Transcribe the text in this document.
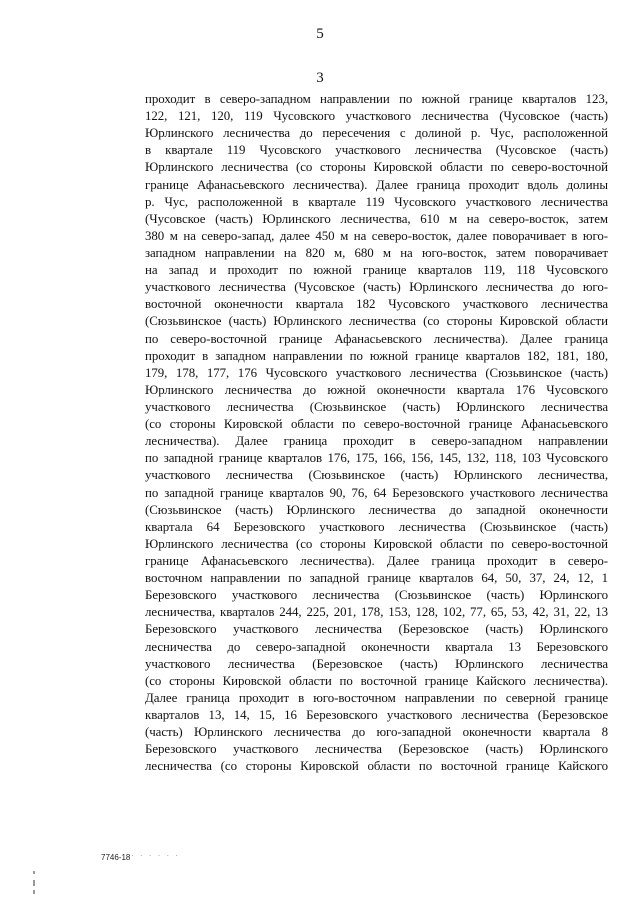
5
3
проходит в северо-западном направлении по южной границе кварталов 123,
122, 121, 120, 119 Чусовского участкового лесничества (Чусовское (часть)
Юрлинского лесничества до пересечения с долиной р. Чус, расположенной
в квартале 119 Чусовского участкового лесничества (Чусовское (часть)
Юрлинского лесничества (со стороны Кировской области по северо-восточной
границе Афанасьевского лесничества). Далее граница проходит вдоль долины
р. Чус, расположенной в квартале 119 Чусовского участкового лесничества
(Чусовское (часть) Юрлинского лесничества, 610 м на северо-восток, затем
380 м на северо-запад, далее 450 м на северо-восток, далее поворачивает в юго-
западном направлении на 820 м, 680 м на юго-восток, затем поворачивает
на запад и проходит по южной границе кварталов 119, 118 Чусовского
участкового лесничества (Чусовское (часть) Юрлинского лесничества до юго-
восточной оконечности квартала 182 Чусовского участкового лесничества
(Сюзьвинское (часть) Юрлинского лесничества (со стороны Кировской области
по северо-восточной границе Афанасьевского лесничества). Далее граница
проходит в западном направлении по южной границе кварталов 182, 181, 180,
179, 178, 177, 176 Чусовского участкового лесничества (Сюзьвинское (часть)
Юрлинского лесничества до южной оконечности квартала 176 Чусовского
участкового лесничества (Сюзьвинское (часть) Юрлинского лесничества
(со стороны Кировской области по северо-восточной границе Афанасьевского
лесничества). Далее граница проходит в северо-западном направлении
по западной границе кварталов 176, 175, 166, 156, 145, 132, 118, 103 Чусовского
участкового лесничества (Сюзьвинское (часть) Юрлинского лесничества,
по западной границе кварталов 90, 76, 64 Березовского участкового лесничества
(Сюзьвинское (часть) Юрлинского лесничества до западной оконечности
квартала 64 Березовского участкового лесничества (Сюзьвинское (часть)
Юрлинского лесничества (со стороны Кировской области по северо-восточной
границе Афанасьевского лесничества). Далее граница проходит в северо-
восточном направлении по западной границе кварталов 64, 50, 37, 24, 12, 1
Березовского участкового лесничества (Сюзьвинское (часть) Юрлинского
лесничества, кварталов 244, 225, 201, 178, 153, 128, 102, 77, 65, 53, 42, 31, 22, 13
Березовского участкового лесничества (Березовское (часть) Юрлинского
лесничества до северо-западной оконечности квартала 13 Березовского
участкового лесничества (Березовское (часть) Юрлинского лесничества
(со стороны Кировской области по восточной границе Кайского лесничества).
Далее граница проходит в юго-восточном направлении по северной границе
кварталов 13, 14, 15, 16 Березовского участкового лесничества (Березовское
(часть) Юрлинского лесничества до юго-западной оконечности квартала 8
Березовского участкового лесничества (Березовское (часть) Юрлинского
лесничества (со стороны Кировской области по восточной границе Кайского
7746-18 · · · · · ·
